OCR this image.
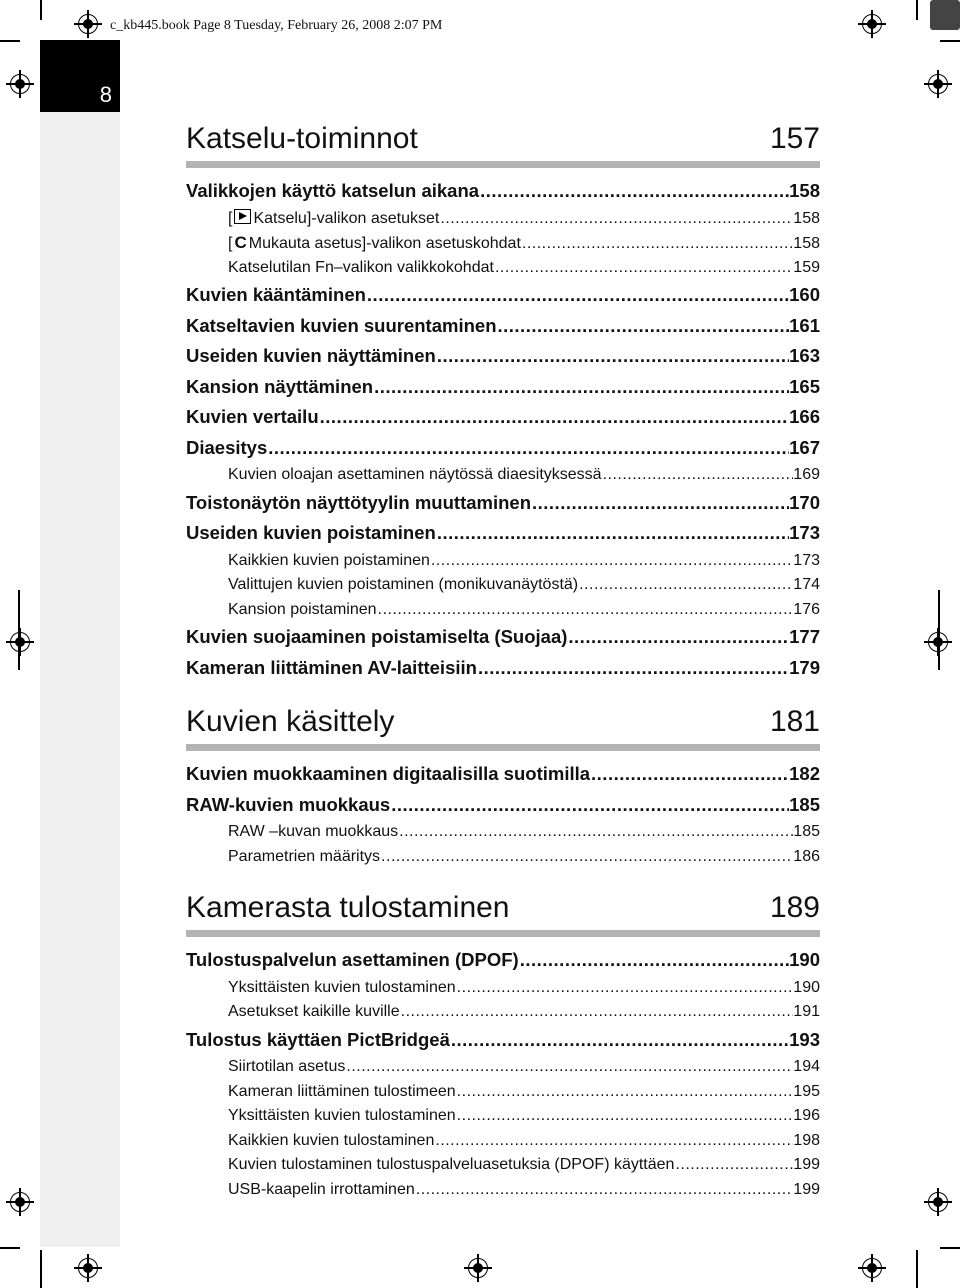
c_kb445.book Page 8 Tuesday, February 26, 2008 2:07 PM
8
Katselu-toiminnot	157
Valikkojen käyttö katselun aikana .....	158
[ Katselu]-valikon asetukset .....	158
[ C Mukauta asetus]-valikon asetuskohdat .....	158
Katselutilan Fn–valikon valikkokohdat .....	159
Kuvien kääntäminen .....	160
Katseltavien kuvien suurentaminen .....	161
Useiden kuvien näyttäminen .....	163
Kansion näyttäminen .....	165
Kuvien vertailu .....	166
Diaesitys .....	167
Kuvien oloajan asettaminen näytössä diaesityksessä .....	169
Toistonäytön näyttötyylin muuttaminen .....	170
Useiden kuvien poistaminen .....	173
Kaikkien kuvien poistaminen .....	173
Valittujen kuvien poistaminen (monikuvanäytöstä) .....	174
Kansion poistaminen .....	176
Kuvien suojaaminen poistamiselta (Suojaa) .....	177
Kameran liittäminen AV-laitteisiin .....	179
Kuvien käsittely	181
Kuvien muokkaaminen digitaalisilla suotimilla .....	182
RAW-kuvien muokkaus .....	185
RAW –kuvan muokkaus .....	185
Parametrien määritys .....	186
Kamerasta tulostaminen	189
Tulostuspalvelun asettaminen (DPOF) .....	190
Yksittäisten kuvien tulostaminen .....	190
Asetukset kaikille kuville .....	191
Tulostus käyttäen PictBridgeä .....	193
Siirtotilan asetus .....	194
Kameran liittäminen tulostimeen .....	195
Yksittäisten kuvien tulostaminen .....	196
Kaikkien kuvien tulostaminen .....	198
Kuvien tulostaminen tulostuspalveluasetuksia (DPOF) käyttäen .....	199
USB-kaapelin irrottaminen .....	199
